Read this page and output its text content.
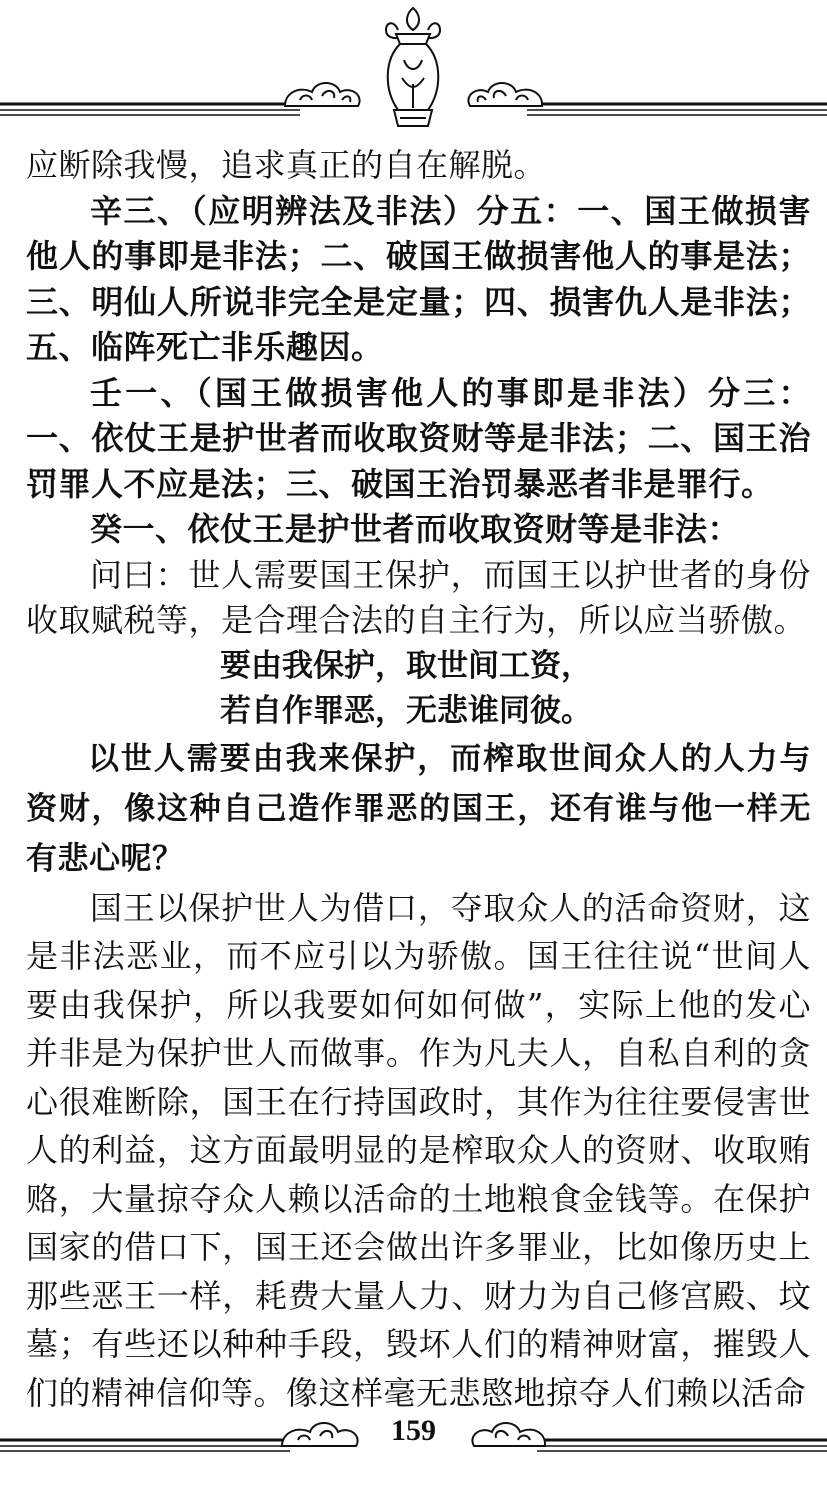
应断除我慢，追求真正的自在解脱。

辛三、（应明辨法及非法）分五：一、国王做损害他人的事即是非法；二、破国王做损害他人的事是法；三、明仙人所说非完全是定量；四、损害仇人是非法；五、临阵死亡非乐趣因。

壬一、（国王做损害他人的事即是非法）分三：一、依仗王是护世者而收取资财等是非法；二、国王治罚罪人不应是法；三、破国王治罚暴恶者非是罪行。

癸一、依仗王是护世者而收取资财等是非法：

问曰：世人需要国王保护，而国王以护世者的身份收取赋税等，是合理合法的自主行为，所以应当骄傲。

要由我保护，取世间工资，

若自作罪恶，无悲谁同彼。

以世人需要由我来保护，而榨取世间众人的人力与资财，像这种自己造作罪恶的国王，还有谁与他一样无有悲心呢？

国王以保护世人为借口，夺取众人的活命资财，这是非法恶业，而不应引以为骄傲。国王往往说“世间人要由我保护，所以我要如何如何做”，实际上他的发心并非是为保护世人而做事。作为凡夫人，自私自利的贪心很难断除，国王在行持国政时，其作为往往要侵害世人的利益，这方面最明显的是榨取众人的资财、收取贿赂，大量掠夺众人赖以活命的土地粮食金钱等。在保护国家的借口下，国王还会做出许多罪业，比如像历史上那些恶王一样，耗费大量人力、财力为自己修宫殿、坟墓；有些还以种种手段，毁坏人们的精神财富，摧毁人们的精神信仰等。像这样毫无悲愍地掠夺人们赖以活命

159
